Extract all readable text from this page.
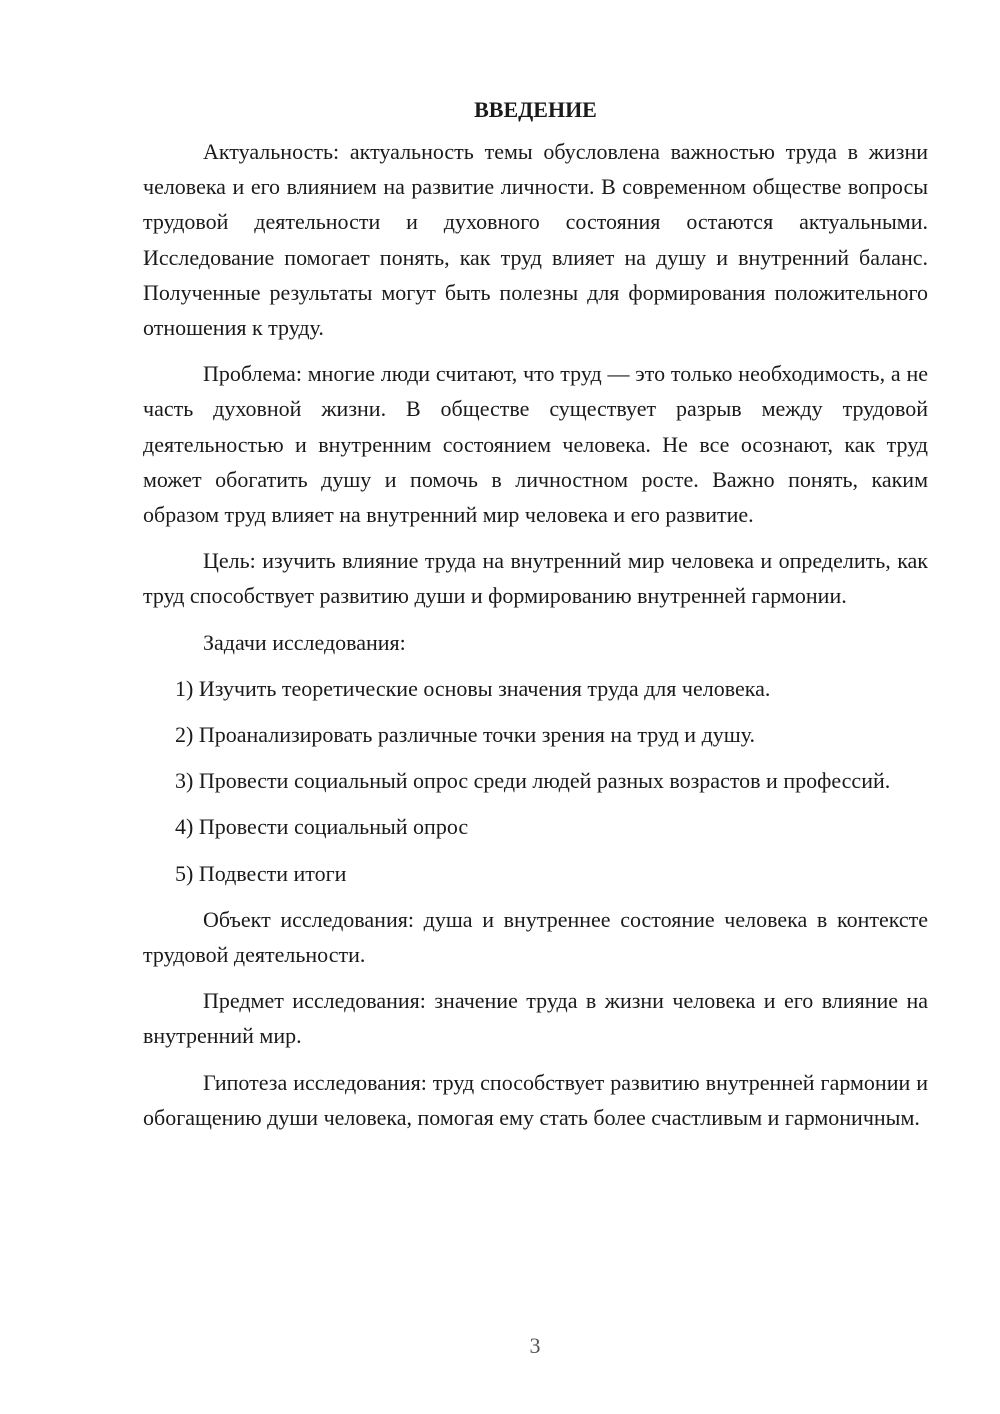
ВВЕДЕНИЕ

Актуальность: актуальность темы обусловлена важностью труда в жизни человека и его влиянием на развитие личности. В современном обществе вопросы трудовой деятельности и духовного состояния остаются актуальными. Исследование помогает понять, как труд влияет на душу и внутренний баланс. Полученные результаты могут быть полезны для формирования положительного отношения к труду.

Проблема: многие люди считают, что труд — это только необходимость, а не часть духовной жизни. В обществе существует разрыв между трудовой деятельностью и внутренним состоянием человека. Не все осознают, как труд может обогатить душу и помочь в личностном росте. Важно понять, каким образом труд влияет на внутренний мир человека и его развитие.

Цель: изучить влияние труда на внутренний мир человека и определить, как труд способствует развитию души и формированию внутренней гармонии.

Задачи исследования:

1) Изучить теоретические основы значения труда для человека.

2) Проанализировать различные точки зрения на труд и душу.

3) Провести социальный опрос среди людей разных возрастов и профессий.

4) Провести социальный опрос

5) Подвести итоги

Объект исследования: душа и внутреннее состояние человека в контексте трудовой деятельности.

Предмет исследования: значение труда в жизни человека и его влияние на внутренний мир.

Гипотеза исследования: труд способствует развитию внутренней гармонии и обогащению души человека, помогая ему стать более счастливым и гармоничным.

3
